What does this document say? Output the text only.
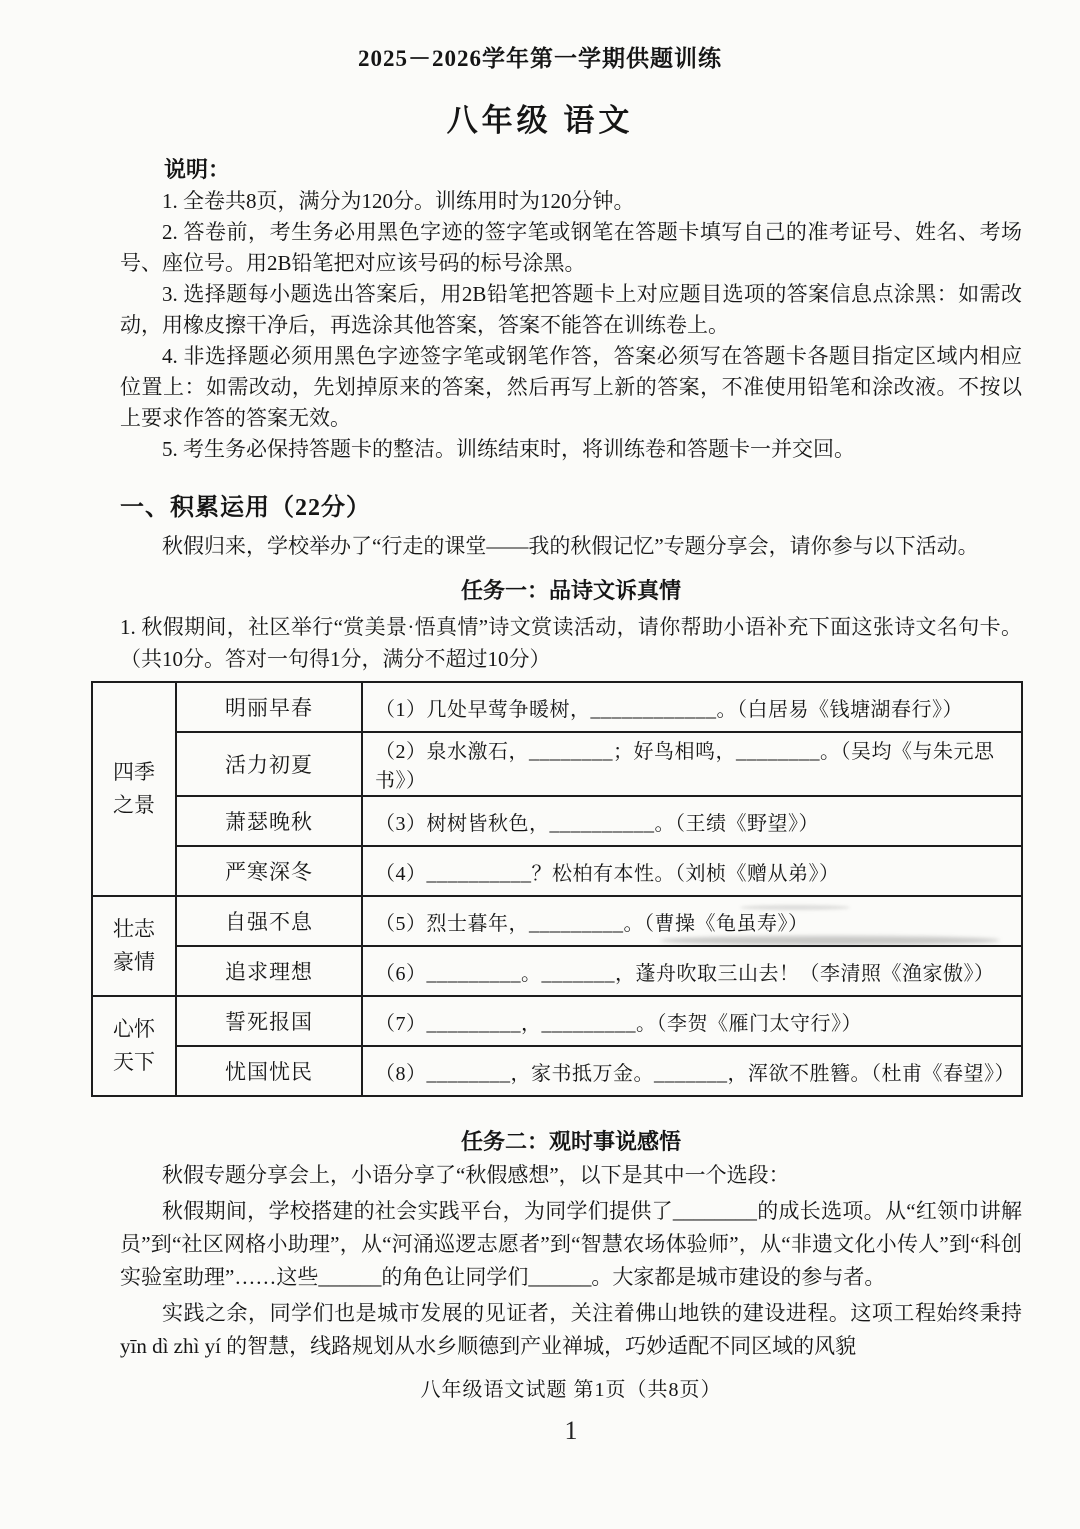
2025－2026学年第一学期供题训练
八年级 语文
说明：
1. 全卷共8页，满分为120分。训练用时为120分钟。
2. 答卷前，考生务必用黑色字迹的签字笔或钢笔在答题卡填写自己的准考证号、姓名、考场号、座位号。用2B铅笔把对应该号码的标号涂黑。
3. 选择题每小题选出答案后，用2B铅笔把答题卡上对应题目选项的答案信息点涂黑：如需改动，用橡皮擦干净后，再选涂其他答案，答案不能答在训练卷上。
4. 非选择题必须用黑色字迹签字笔或钢笔作答，答案必须写在答题卡各题目指定区域内相应位置上：如需改动，先划掉原来的答案，然后再写上新的答案，不准使用铅笔和涂改液。不按以上要求作答的答案无效。
5. 考生务必保持答题卡的整洁。训练结束时，将训练卷和答题卡一并交回。
一、积累运用（22分）
秋假归来，学校举办了“行走的课堂——我的秋假记忆”专题分享会，请你参与以下活动。
任务一：品诗文诉真情
1. 秋假期间，社区举行“赏美景·悟真情”诗文赏读活动，请你帮助小语补充下面这张诗文名句卡。（共10分。答对一句得1分，满分不超过10分）
四季之景	明丽早春	（1）几处早莺争暖树，____________。（白居易《钱塘湖春行》）
	活力初夏	（2）泉水激石，________；好鸟相鸣，________。（吴均《与朱元思书》）
	萧瑟晚秋	（3）树树皆秋色，__________。（王绩《野望》）
	严寒深冬	（4）__________？松柏有本性。（刘桢《赠从弟》）
壮志豪情	自强不息	（5）烈士暮年，_________。（曹操《龟虽寿》）
	追求理想	（6）_________。_______，蓬舟吹取三山去！（李清照《渔家傲》）
心怀天下	誓死报国	（7）_________，_________。（李贺《雁门太守行》）
	忧国忧民	（8）________，家书抵万金。_______，浑欲不胜簪。（杜甫《春望》）
任务二：观时事说感悟
秋假专题分享会上，小语分享了“秋假感想”，以下是其中一个选段：
秋假期间，学校搭建的社会实践平台，为同学们提供了________的成长选项。从“红领巾讲解员”到“社区网格小助理”，从“河涌巡逻志愿者”到“智慧农场体验师”，从“非遗文化小传人”到“科创实验室助理”……这些______的角色让同学们______。大家都是城市建设的参与者。
实践之余，同学们也是城市发展的见证者，关注着佛山地铁的建设进程。这项工程始终秉持 yīn dì zhì yí 的智慧，线路规划从水乡顺德到产业禅城，巧妙适配不同区域的风貌
八年级语文试题 第1页（共8页）
1
